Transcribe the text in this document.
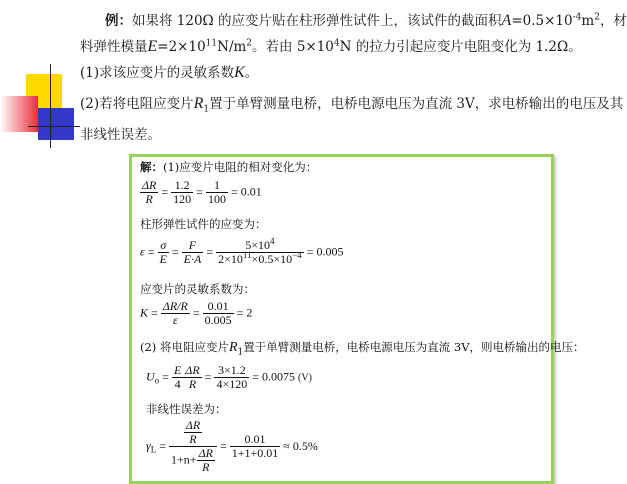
例：如果将 120Ω 的应变片贴在柱形弹性试件上，该试件的截面积$A=0.5\times 10^{-4}m^2$，材
料弹性模量$E=2\times 10^{11}N/m^2$。若由 $5\times 10^4N$ 的拉力引起应变片电阻变化为 1.2Ω。
(1)求该应变片的灵敏系数K。
(2)若将电阻应变片$R_1$置于单臂测量电桥，电桥电源电压为直流 3V，求电桥输出的电压及其
非线性误差。
解：(1)应变片电阻的相对变化为：
$\frac{\Delta R}{R} = \frac{1.2}{120} = \frac{1}{100} = 0.01$
柱形弹性试件的应变为：
$\varepsilon = \frac{\sigma}{E} = \frac{F}{E\cdot A} = \frac{5\times 10^4}{2\times 10^{11}\times 0.5\times 10^{-4}} = 0.005$
应变片的灵敏系数为：
$K = \frac{\Delta R/R}{\varepsilon} = \frac{0.01}{0.005} = 2$
(2) 将电阻应变片$R_1$置于单臂测量电桥，电桥电源电压为直流 3V，则电桥输出的电压：
$U_o = \frac{E}{4} \frac{\Delta R}{R} = \frac{3\times 1.2}{4\times 120} = 0.0075$ (V)
非线性误差为：
$\gamma_L = \frac{\frac{\Delta R}{R}}{1+n+ \frac{\Delta R}{R}} = \frac{0.01}{1+1+0.01} \approx 0.5\%$
